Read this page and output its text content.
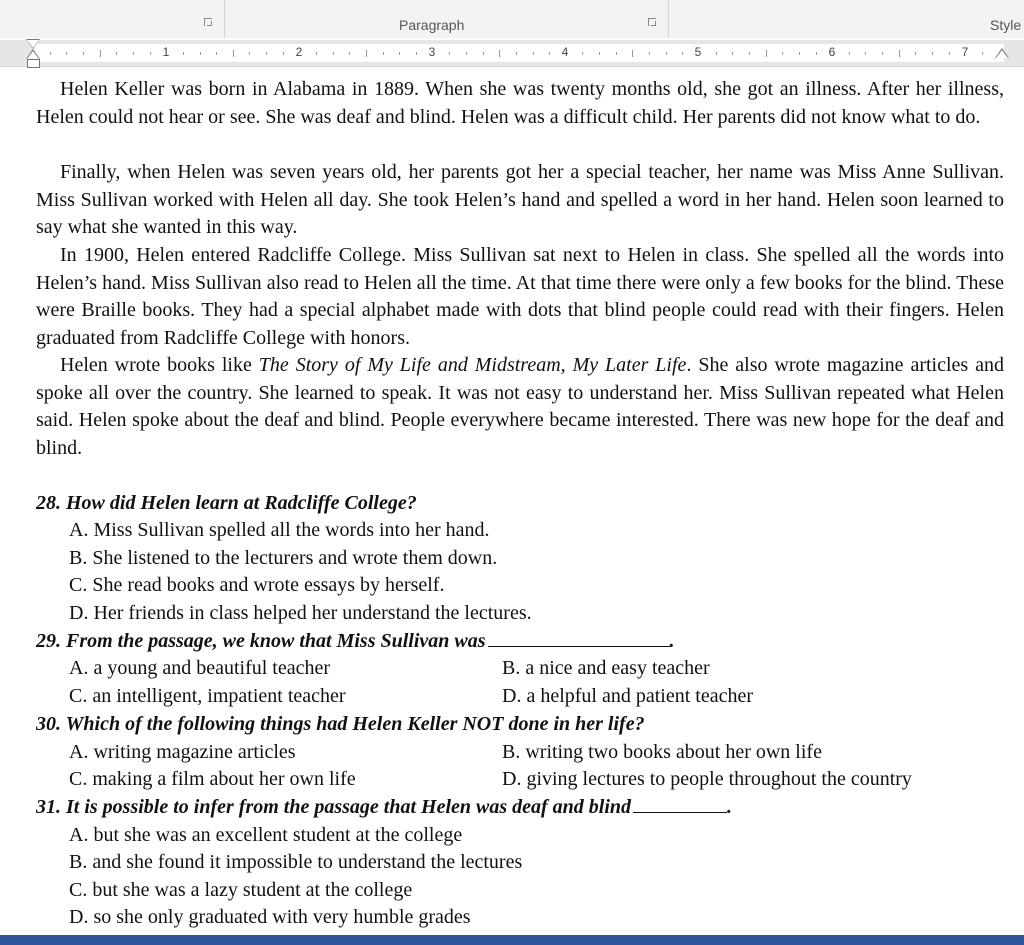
Paragraph	Style
1	2	3	4	5	6	7

Helen Keller was born in Alabama in 1889. When she was twenty months old, she got an illness. After her illness, Helen could not hear or see. She was deaf and blind. Helen was a difficult child. Her parents did not know what to do.

Finally, when Helen was seven years old, her parents got her a special teacher, her name was Miss Anne Sullivan. Miss Sullivan worked with Helen all day. She took Helen’s hand and spelled a word in her hand. Helen soon learned to say what she wanted in this way.

In 1900, Helen entered Radcliffe College. Miss Sullivan sat next to Helen in class. She spelled all the words into Helen’s hand. Miss Sullivan also read to Helen all the time. At that time there were only a few books for the blind. These were Braille books. They had a special alphabet made with dots that blind people could read with their fingers. Helen graduated from Radcliffe College with honors.

Helen wrote books like The Story of My Life and Midstream, My Later Life. She also wrote magazine articles and spoke all over the country. She learned to speak. It was not easy to understand her. Miss Sullivan repeated what Helen said. Helen spoke about the deaf and blind. People everywhere became interested. There was new hope for the deaf and blind.

28. How did Helen learn at Radcliffe College?
A. Miss Sullivan spelled all the words into her hand.
B. She listened to the lecturers and wrote them down.
C. She read books and wrote essays by herself.
D. Her friends in class helped her understand the lectures.
29. From the passage, we know that Miss Sullivan was	.
A. a young and beautiful teacher	B. a nice and easy teacher
C. an intelligent, impatient teacher	D. a helpful and patient teacher
30. Which of the following things had Helen Keller NOT done in her life?
A. writing magazine articles	B. writing two books about her own life
C. making a film about her own life	D. giving lectures to people throughout the country
31. It is possible to infer from the passage that Helen was deaf and blind	.
A. but she was an excellent student at the college
B. and she found it impossible to understand the lectures
C. but she was a lazy student at the college
D. so she only graduated with very humble grades
